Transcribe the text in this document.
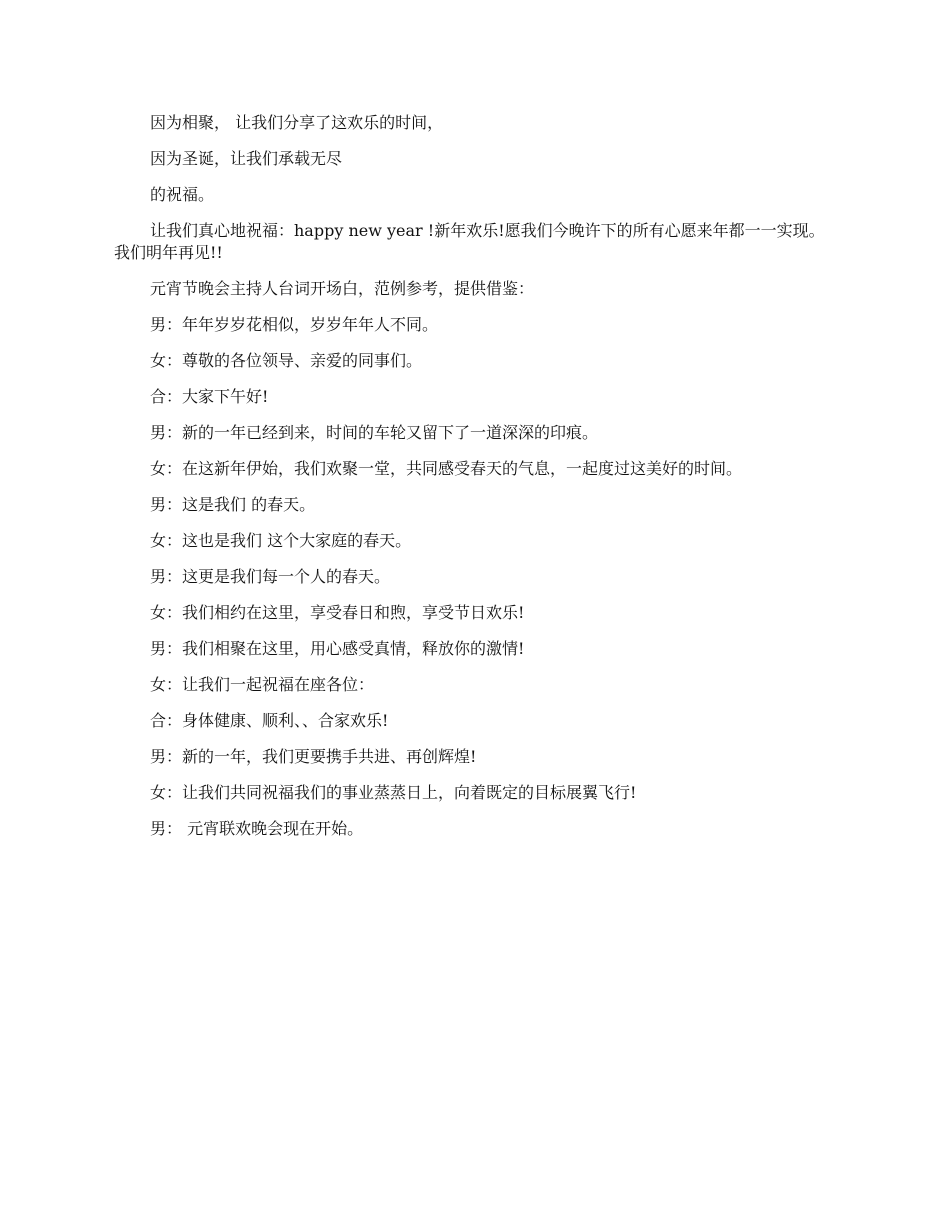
因为相聚， 让我们分享了这欢乐的时间，

因为圣诞，让我们承载无尽

的祝福。

让我们真心地祝福：happy new year !新年欢乐!愿我们今晚许下的所有心愿来年都一一实现。我们明年再见!!

元宵节晚会主持人台词开场白，范例参考，提供借鉴：

男：年年岁岁花相似，岁岁年年人不同。

女：尊敬的各位领导、亲爱的同事们。

合：大家下午好!

男：新的一年已经到来，时间的车轮又留下了一道深深的印痕。

女：在这新年伊始，我们欢聚一堂，共同感受春天的气息，一起度过这美好的时间。

男：这是我们 的春天。

女：这也是我们 这个大家庭的春天。

男：这更是我们每一个人的春天。

女：我们相约在这里，享受春日和煦，享受节日欢乐!

男：我们相聚在这里，用心感受真情，释放你的激情!

女：让我们一起祝福在座各位：

合：身体健康、顺利、、合家欢乐!

男：新的一年，我们更要携手共进、再创辉煌!

女：让我们共同祝福我们的事业蒸蒸日上，向着既定的目标展翼飞行!

男： 元宵联欢晚会现在开始。
